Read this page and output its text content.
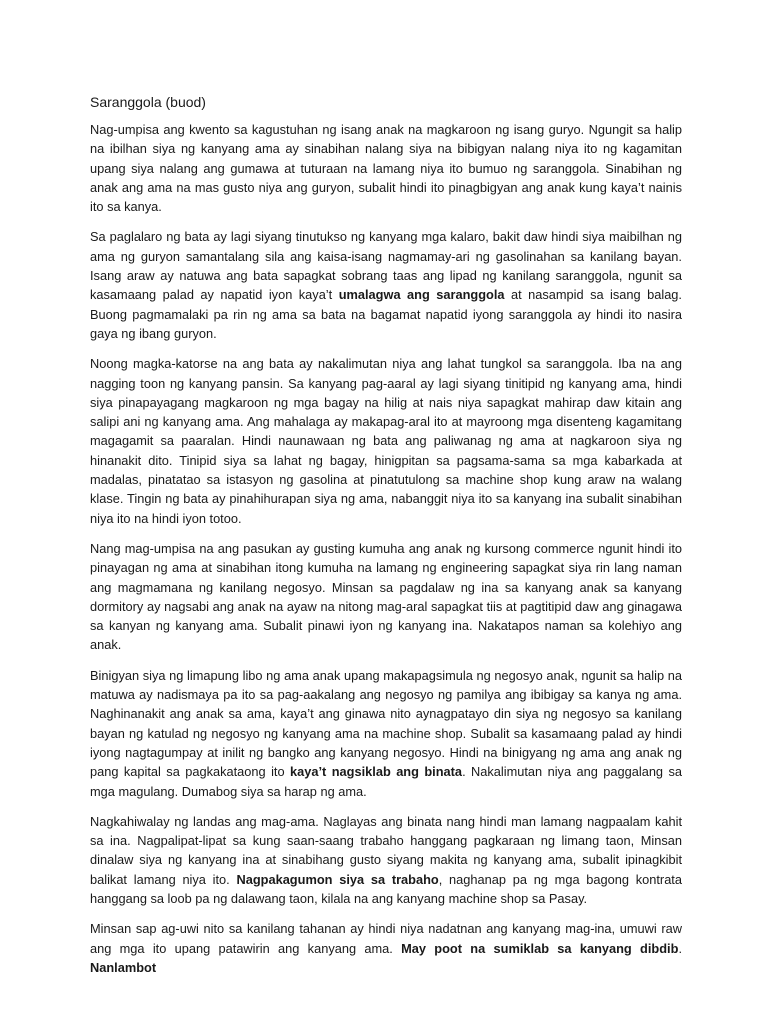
Saranggola (buod)

Nag-umpisa ang kwento sa kagustuhan ng isang anak na magkaroon ng isang guryo. Ngungit sa halip na ibilhan siya ng kanyang ama ay sinabihan nalang siya na bibigyan nalang niya ito ng kagamitan upang siya nalang ang gumawa at tuturaan na lamang niya ito bumuo ng saranggola. Sinabihan ng anak ang ama na mas gusto niya ang guryon, subalit hindi ito pinagbigyan ang anak kung kaya’t nainis ito sa kanya.

Sa paglalaro ng bata ay lagi siyang tinutukso ng kanyang mga kalaro, bakit daw hindi siya maibilhan ng ama ng guryon samantalang sila ang kaisa-isang nagmamay-ari ng gasolinahan sa kanilang bayan. Isang araw ay natuwa ang bata sapagkat sobrang taas ang lipad ng kanilang saranggola, ngunit sa kasamaang palad ay napatid iyon kaya’t umalagwa ang saranggola at nasampid sa isang balag. Buong pagmamalaki pa rin ng ama sa bata na bagamat napatid iyong saranggola ay hindi ito nasira gaya ng ibang guryon.

Noong magka-katorse na ang bata ay nakalimutan niya ang lahat tungkol sa saranggola. Iba na ang nagging toon ng kanyang pansin. Sa kanyang pag-aaral ay lagi siyang tinitipid ng kanyang ama, hindi siya pinapayagang magkaroon ng mga bagay na hilig at nais niya sapagkat mahirap daw kitain ang salipi ani ng kanyang ama. Ang mahalaga ay makapag-aral ito at mayroong mga disenteng kagamitang magagamit sa paaralan. Hindi naunawaan ng bata ang paliwanag ng ama at nagkaroon siya ng hinanakit dito. Tinipid siya sa lahat ng bagay, hinigpitan sa pagsama-sama sa mga kabarkada at madalas, pinatatao sa istasyon ng gasolina at pinatutulong sa machine shop kung araw na walang klase. Tingin ng bata ay pinahihurapan siya ng ama, nabanggit niya ito sa kanyang ina subalit sinabihan niya ito na hindi iyon totoo.

Nang mag-umpisa na ang pasukan ay gusting kumuha ang anak ng kursong commerce ngunit hindi ito pinayagan ng ama at sinabihan itong kumuha na lamang ng engineering sapagkat siya rin lang naman ang magmamana ng kanilang negosyo. Minsan sa pagdalaw ng ina sa kanyang anak sa kanyang dormitory ay nagsabi ang anak na ayaw na nitong mag-aral sapagkat tiis at pagtitipid daw ang ginagawa sa kanyan ng kanyang ama. Subalit pinawi iyon ng kanyang ina. Nakatapos naman sa kolehiyo ang anak.

Binigyan siya ng limapung libo ng ama anak upang makapagsimula ng negosyo anak, ngunit sa halip na matuwa ay nadismaya pa ito sa pag-aakalang ang negosyo ng pamilya ang ibibigay sa kanya ng ama. Naghinanakit ang anak sa ama, kaya’t ang ginawa nito aynagpatayo din siya ng negosyo sa kanilang bayan ng katulad ng negosyo ng kanyang ama na machine shop. Subalit sa kasamaang palad ay hindi iyong nagtagumpay at inilit ng bangko ang kanyang negosyo. Hindi na binigyang ng ama ang anak ng pang kapital sa pagkakataong ito kaya’t nagsiklab ang binata. Nakalimutan niya ang paggalang sa mga magulang. Dumabog siya sa harap ng ama.

Nagkahiwalay ng landas ang mag-ama. Naglayas ang binata nang hindi man lamang nagpaalam kahit sa ina. Nagpalipat-lipat sa kung saan-saang trabaho hanggang pagkaraan ng limang taon, Minsan dinalaw siya ng kanyang ina at sinabihang gusto siyang makita ng kanyang ama, subalit ipinagkibit balikat lamang niya ito. Nagpakagumon siya sa trabaho, naghanap pa ng mga bagong kontrata hanggang sa loob pa ng dalawang taon, kilala na ang kanyang machine shop sa Pasay.

Minsan sap ag-uwi nito sa kanilang tahanan ay hindi niya nadatnan ang kanyang mag-ina, umuwi raw ang mga ito upang patawirin ang kanyang ama. May poot na sumiklab sa kanyang dibdib. Nanlambot
